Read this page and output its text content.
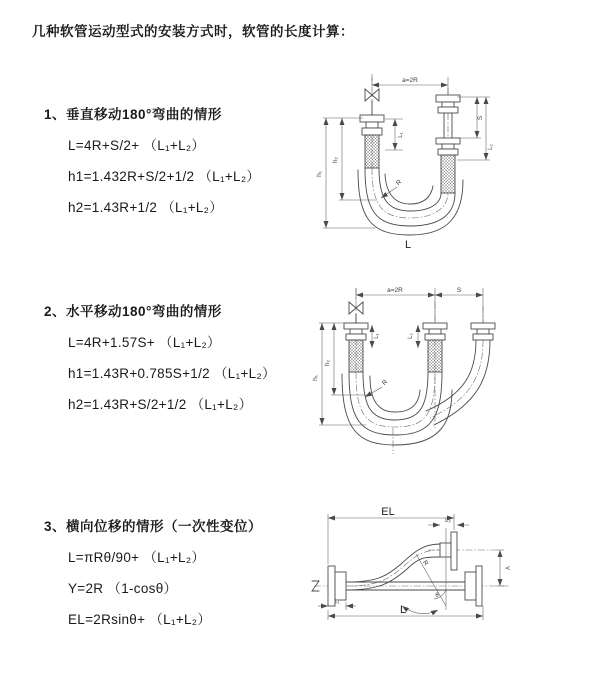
几种软管运动型式的安装方式时，软管的长度计算：
1、垂直移动180°弯曲的情形
L=4R+S/2+ （L₁+L₂）
h1=1.432R+S/2+1/2 （L₁+L₂）
h2=1.43R+1/2 （L₁+L₂）
2、水平移动180°弯曲的情形
L=4R+1.57S+ （L₁+L₂）
h1=1.43R+0.785S+1/2 （L₁+L₂）
h2=1.43R+S/2+1/2 （L₁+L₂）
3、横向位移的情形（一次性变位）
L=πRθ/90+ （L₁+L₂）
Y=2R （1-cosθ）
EL=2Rsinθ+ （L₁+L₂）
a=2R
h₁
h₂
L₁
S
L₂
R
L
a=2R	S
h₁
h₂
L₁	L₂
R
θ
R
EL
L₂
Y
L
L₁
